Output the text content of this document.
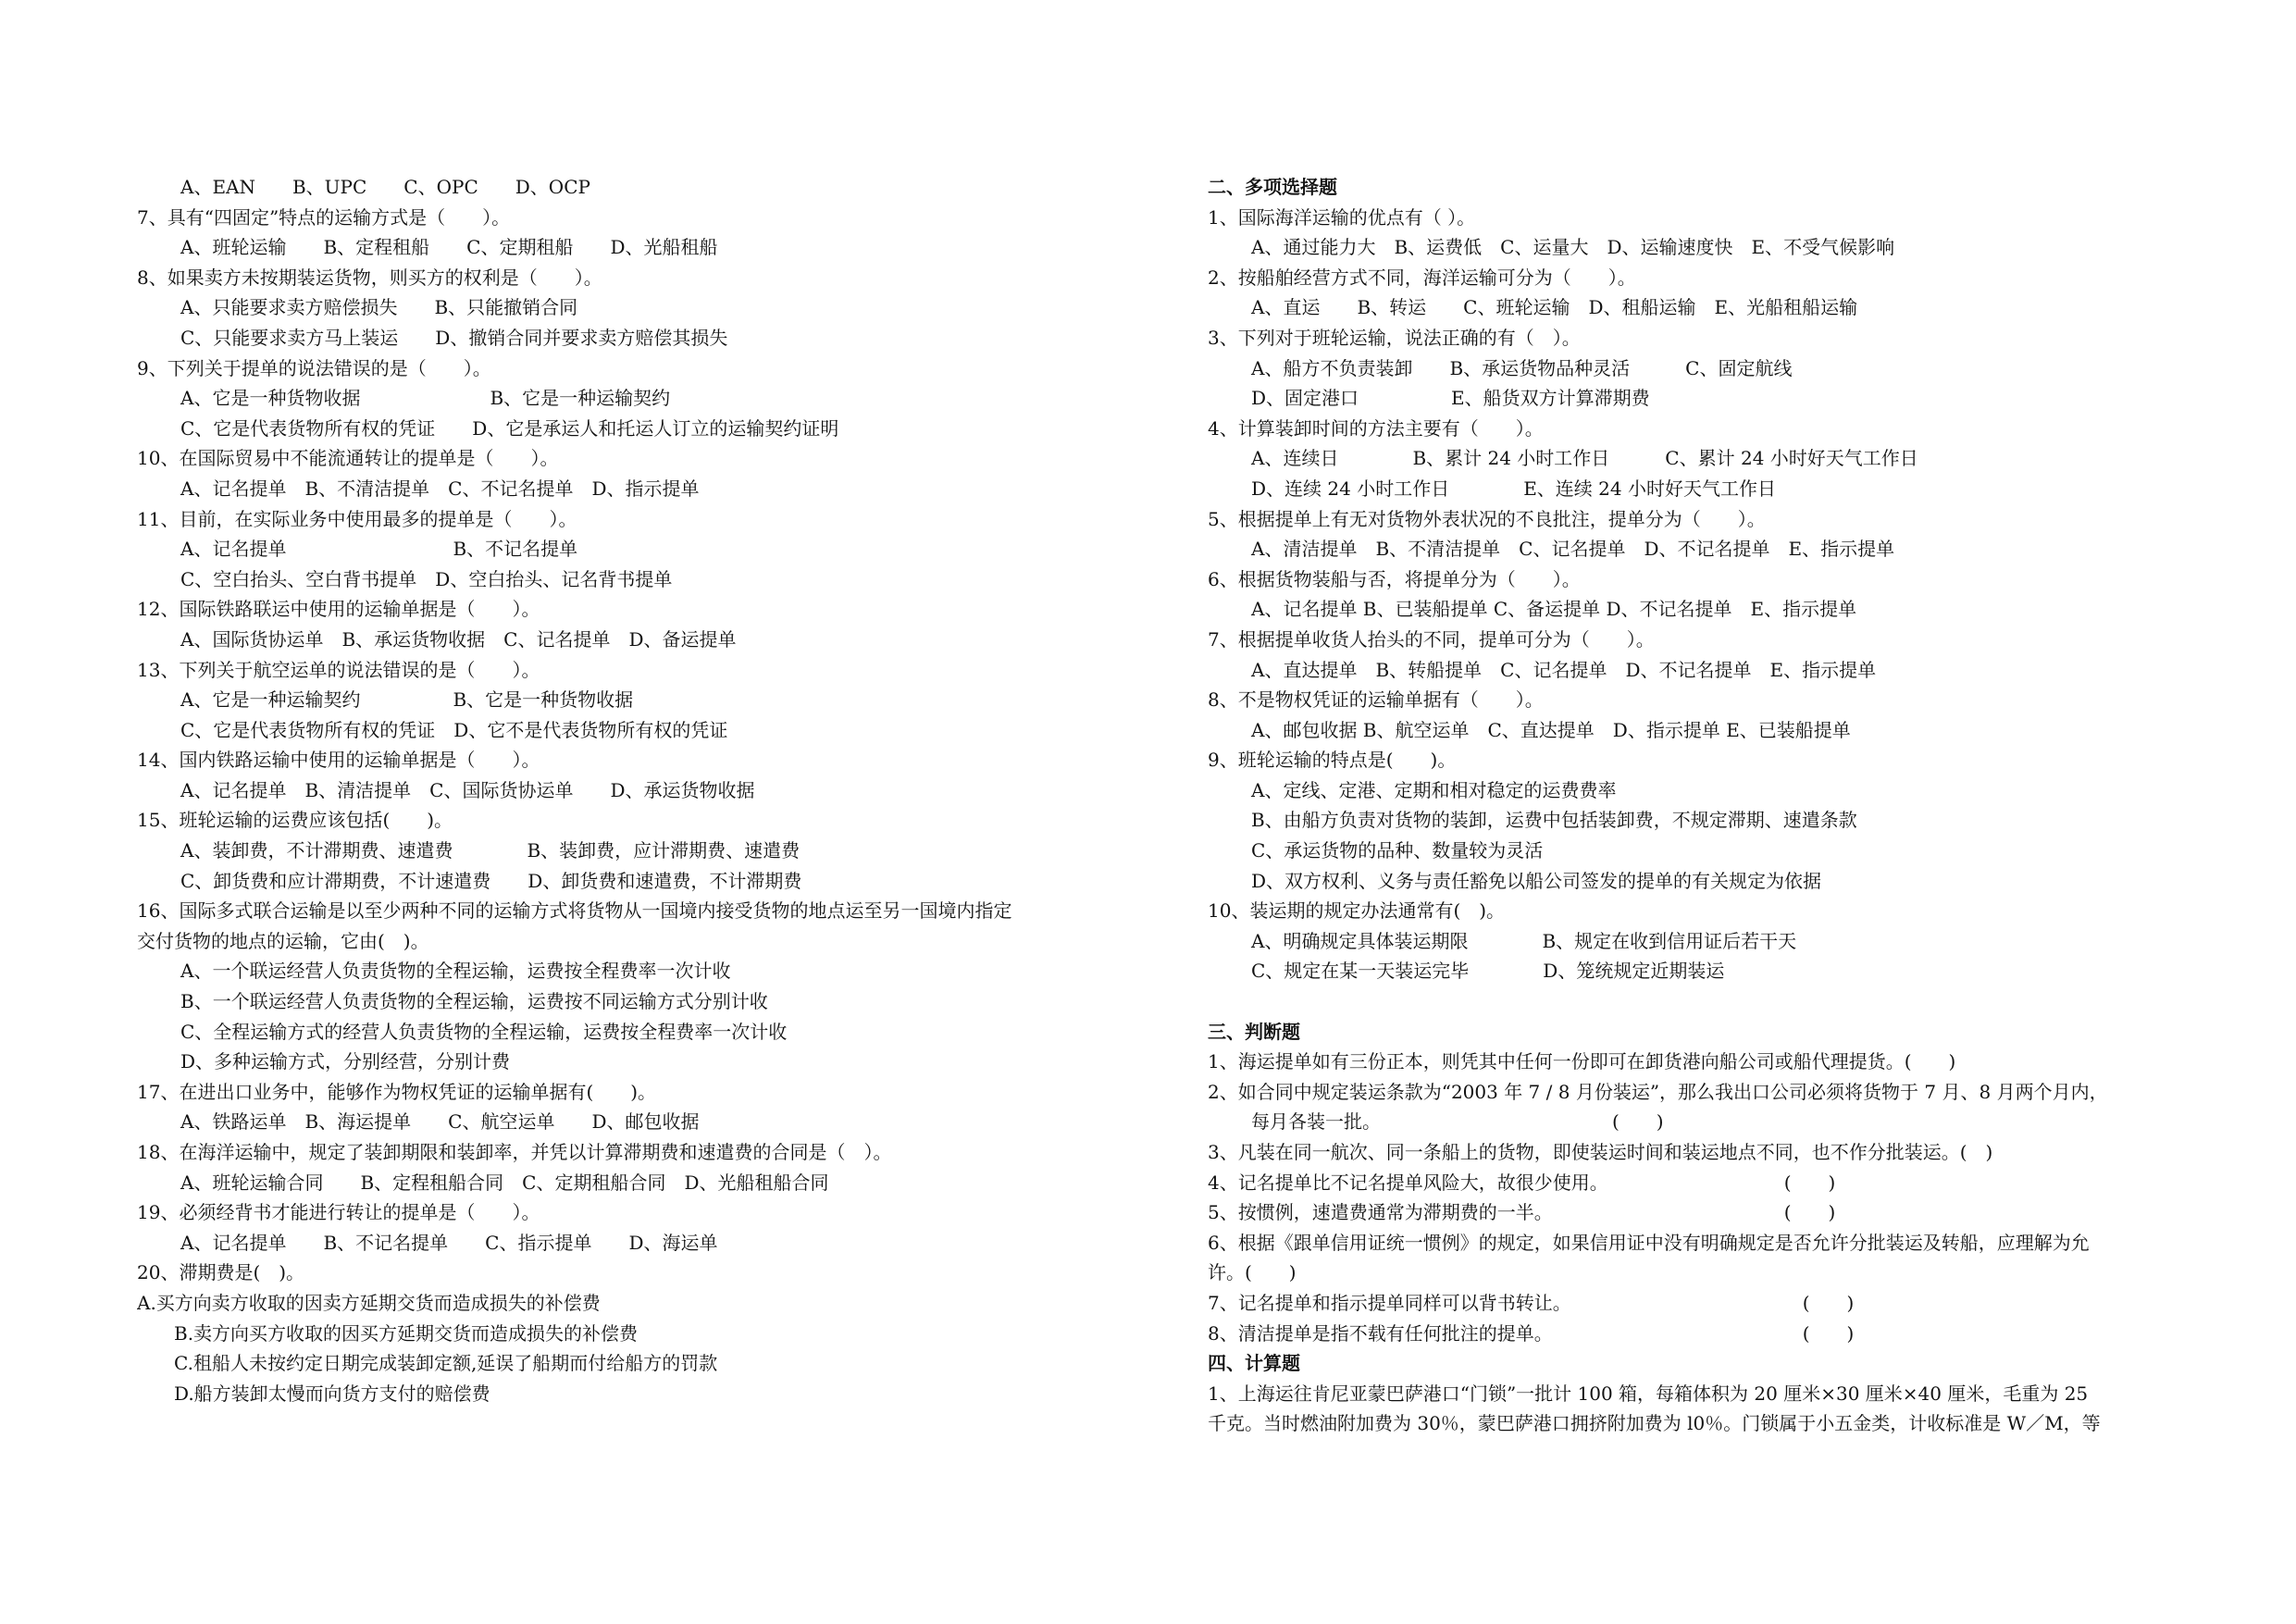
A、EAN　　B、UPC　　C、OPC　　D、OCP
7、具有“四固定”特点的运输方式是（　　）。
A、班轮运输　　B、定程租船　　C、定期租船　　D、光船租船
8、如果卖方未按期装运货物，则买方的权利是（　　）。
A、只能要求卖方赔偿损失　　B、只能撤销合同
C、只能要求卖方马上装运　　D、撤销合同并要求卖方赔偿其损失
9、下列关于提单的说法错误的是（　　）。
A、它是一种货物收据　　　　　　　B、它是一种运输契约
C、它是代表货物所有权的凭证　　D、它是承运人和托运人订立的运输契约证明
10、在国际贸易中不能流通转让的提单是（　　）。
A、记名提单　B、不清洁提单　C、不记名提单　D、指示提单
11、目前，在实际业务中使用最多的提单是（　　）。
A、记名提单　　　　　　　　　B、不记名提单
C、空白抬头、空白背书提单　D、空白抬头、记名背书提单
12、国际铁路联运中使用的运输单据是（　　）。
A、国际货协运单　B、承运货物收据　C、记名提单　D、备运提单
13、下列关于航空运单的说法错误的是（　　）。
A、它是一种运输契约　　　　　B、它是一种货物收据
C、它是代表货物所有权的凭证　D、它不是代表货物所有权的凭证
14、国内铁路运输中使用的运输单据是（　　）。
A、记名提单　B、清洁提单　C、国际货协运单　　D、承运货物收据
15、班轮运输的运费应该包括(　　)。
A、装卸费，不计滞期费、速遣费　　　　B、装卸费，应计滞期费、速遣费
C、卸货费和应计滞期费，不计速遣费　　D、卸货费和速遣费，不计滞期费
16、国际多式联合运输是以至少两种不同的运输方式将货物从一国境内接受货物的地点运至另一国境内指定
交付货物的地点的运输，它由(　)。
A、一个联运经营人负责货物的全程运输，运费按全程费率一次计收
B、一个联运经营人负责货物的全程运输，运费按不同运输方式分别计收
C、全程运输方式的经营人负责货物的全程运输，运费按全程费率一次计收
D、多种运输方式，分别经营，分别计费
17、在进出口业务中，能够作为物权凭证的运输单据有(　　)。
A、铁路运单　B、海运提单　　C、航空运单　　D、邮包收据
18、在海洋运输中，规定了装卸期限和装卸率，并凭以计算滞期费和速遣费的合同是（　）。
A、班轮运输合同　　B、定程租船合同　C、定期租船合同　D、光船租船合同
19、必须经背书才能进行转让的提单是（　　）。
A、记名提单　　B、不记名提单　　C、指示提单　　D、海运单
20、滞期费是(　)。
A.买方向卖方收取的因卖方延期交货而造成损失的补偿费
B.卖方向买方收取的因买方延期交货而造成损失的补偿费
C.租船人未按约定日期完成装卸定额,延误了船期而付给船方的罚款
D.船方装卸太慢而向货方支付的赔偿费
二、多项选择题
1、国际海洋运输的优点有（ ）。
A、通过能力大　B、运费低　C、运量大　D、运输速度快　E、不受气候影响
2、按船舶经营方式不同，海洋运输可分为（　　）。
A、直运　　B、转运　　C、班轮运输　D、租船运输　E、光船租船运输
3、下列对于班轮运输，说法正确的有（　）。
A、船方不负责装卸　　B、承运货物品种灵活　　　C、固定航线
D、固定港口　　　　　E、船货双方计算滞期费
4、计算装卸时间的方法主要有（　　）。
A、连续日　　　　B、累计 24 小时工作日　　　C、累计 24 小时好天气工作日
D、连续 24 小时工作日　　　　E、连续 24 小时好天气工作日
5、根据提单上有无对货物外表状况的不良批注，提单分为（　　）。
A、清洁提单　B、不清洁提单　C、记名提单　D、不记名提单　E、指示提单
6、根据货物装船与否，将提单分为（　　）。
A、记名提单 B、已装船提单 C、备运提单 D、不记名提单　E、指示提单
7、根据提单收货人抬头的不同，提单可分为（　　）。
A、直达提单　B、转船提单　C、记名提单　D、不记名提单　E、指示提单
8、不是物权凭证的运输单据有（　　）。
A、邮包收据 B、航空运单　C、直达提单　D、指示提单 E、已装船提单
9、班轮运输的特点是(　　)。
A、定线、定港、定期和相对稳定的运费费率
B、由船方负责对货物的装卸，运费中包括装卸费，不规定滞期、速遣条款
C、承运货物的品种、数量较为灵活
D、双方权利、义务与责任豁免以船公司签发的提单的有关规定为依据
10、装运期的规定办法通常有(　)。
A、明确规定具体装运期限　　　　B、规定在收到信用证后若干天
C、规定在某一天装运完毕　　　　D、笼统规定近期装运
三、判断题
1、海运提单如有三份正本，则凭其中任何一份即可在卸货港向船公司或船代理提货。(　　)
2、如合同中规定装运条款为“2003 年 7 / 8 月份装运”，那么我出口公司必须将货物于 7 月、8 月两个月内，
每月各装一批。　　　　　　　　　　　　　(　　)
3、凡装在同一航次、同一条船上的货物，即使装运时间和装运地点不同，也不作分批装运。(　)
4、记名提单比不记名提单风险大，故很少使用。　　　　　　　　　　(　　)
5、按惯例，速遣费通常为滞期费的一半。　　　　　　　　　　　　　(　　)
6、根据《跟单信用证统一惯例》的规定，如果信用证中没有明确规定是否允许分批装运及转船，应理解为允
许。(　　)
7、记名提单和指示提单同样可以背书转让。　　　　　　　　　　　　　(　　)
8、清洁提单是指不载有任何批注的提单。　　　　　　　　　　　　　　(　　)
四、计算题
1、上海运往肯尼亚蒙巴萨港口“门锁”一批计 100 箱，每箱体积为 20 厘米×30 厘米×40 厘米，毛重为 25
千克。当时燃油附加费为 30％，蒙巴萨港口拥挤附加费为 l0％。门锁属于小五金类，计收标准是 W／M，等
